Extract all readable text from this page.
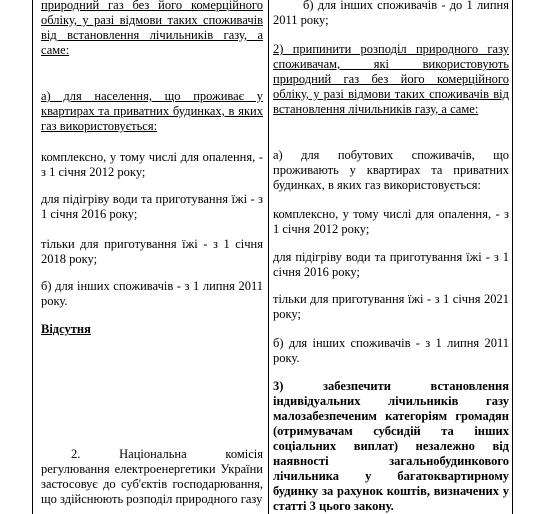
природний газ без його комерційного обліку, у разі відмови таких споживачів від встановлення лічильників газу, а саме:

а) для населення, що проживає у квартирах та приватних будинках, в яких газ використовується:

комплексно, у тому числі для опалення, - з 1 січня 2012 року;

для підігріву води та приготування їжі - з 1 січня 2016 року;

тільки для приготування їжі - з 1 січня 2018 року;

б) для інших споживачів - з 1 липня 2011 року.

Відсутня

2. Національна комісія регулювання електроенергетики України застосовує до суб'єктів господарювання, що здійснюють розподіл природного газу

б) для інших споживачів - до 1 липня 2011 року;

2) припинити розподіл природного газу споживачам, які використовують природний газ без його комерційного обліку, у разі відмови таких споживачів від встановлення лічильників газу, а саме:

а) для побутових споживачів, що проживають у квартирах та приватних будинках, в яких газ використовується:

комплексно, у тому числі для опалення, - з 1 січня 2012 року;

для підігріву води та приготування їжі - з 1 січня 2016 року;

тільки для приготування їжі - з 1 січня 2021 року;

б) для інших споживачів - з 1 липня 2011 року.

3) забезпечити встановлення індивідуальних лічильників газу малозабезпеченим категоріям громадян (отримувачам субсидій та інших соціальних виплат) незалежно від наявності загальнобудинкового лічильника у багатоквартирному будинку за рахунок коштів, визначених у статті 3 цього закону.
